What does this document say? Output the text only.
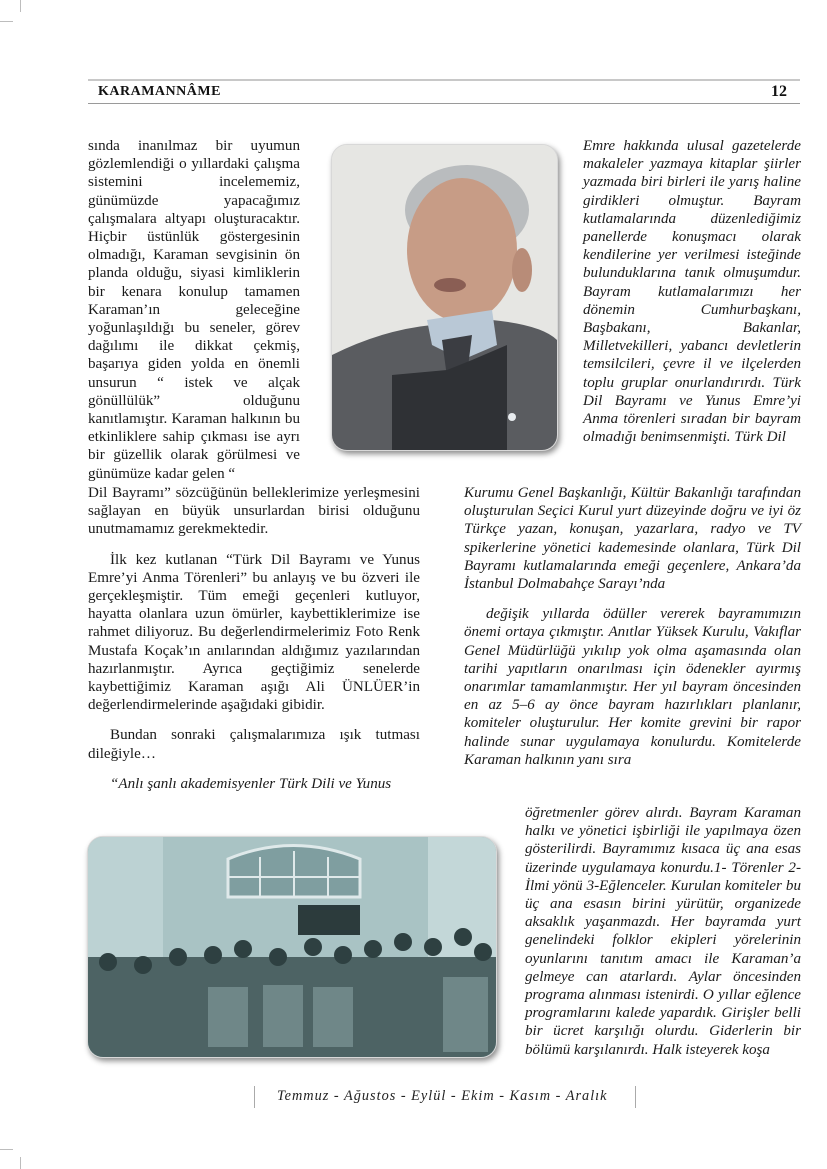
KARAMANNÂME	12

sında inanılmaz bir uyumun gözlemlendiği o yıllardaki çalışma sistemini incelememiz, günümüzde yapacağımız çalışmalara altyapı oluşturacaktır. Hiçbir üstünlük göstergesinin olmadığı, Karaman sevgisinin ön planda olduğu, siyasi kimliklerin bir kenara konulup tamamen Karaman’ın geleceğine yoğunlaşıldığı bu seneler, görev dağılımı ile dikkat çekmiş, başarıya giden yolda en önemli unsurun “ istek ve alçak gönüllülük” olduğunu kanıtlamıştır. Karaman halkının bu etkinliklere sahip çıkması ise ayrı bir güzellik olarak görülmesi ve günümüze kadar gelen “

Dil Bayramı” sözcüğünün belleklerimize yerleşmesini sağlayan en büyük unsurlardan birisi olduğunu unutmamamız gerekmektedir.

İlk kez kutlanan “Türk Dil Bayramı ve Yunus Emre’yi Anma Törenleri” bu anlayış ve bu özveri ile gerçekleşmiştir. Tüm emeği geçenleri kutluyor, hayatta olanlara uzun ömürler, kaybettiklerimize ise rahmet diliyoruz. Bu değerlendirmelerimiz Foto Renk Mustafa Koçak’ın anılarından aldığımız yazılarından hazırlanmıştır. Ayrıca geçtiğimiz senelerde kaybettiğimiz Karaman aşığı Ali ÜNLÜER’in değerlendirmelerinde aşağıdaki gibidir.

Bundan sonraki çalışmalarımıza ışık tutması dileğiyle…

“Anlı şanlı akademisyenler Türk Dili ve Yunus

Emre hakkında ulusal gazetelerde makaleler yazmaya kitaplar şiirler yazmada biri birleri ile yarış haline girdikleri olmuştur. Bayram kutlamalarında düzenlediğimiz panellerde konuşmacı olarak kendilerine yer verilmesi isteğinde bulunduklarına tanık olmuşumdur. Bayram kutlamalarımızı her dönemin Cumhurbaşkanı, Başbakanı, Bakanlar, Milletvekilleri, yabancı devletlerin temsilcileri, çevre il ve ilçelerden toplu gruplar onurlandırırdı. Türk Dil Bayramı ve Yunus Emre’yi Anma törenleri sıradan bir bayram olmadığı benimsenmişti. Türk Dil

Kurumu Genel Başkanlığı, Kültür Bakanlığı tarafından oluşturulan Seçici Kurul yurt düzeyinde doğru ve iyi öz Türkçe yazan, konuşan, yazarlara, radyo ve TV spikerlerine yönetici kademesinde olanlara, Türk Dil Bayramı kutlamalarında emeği geçenlere, Ankara’da İstanbul Dolmabahçe Sarayı’nda

değişik yıllarda ödüller vererek bayramımızın önemi ortaya çıkmıştır. Anıtlar Yüksek Kurulu, Vakıflar Genel Müdürlüğü yıkılıp yok olma aşamasında olan tarihi yapıtların onarılması için ödenekler ayırmış onarımlar tamamlanmıştır. Her yıl bayram öncesinden en az 5–6 ay önce bayram hazırlıkları planlanır, komiteler oluşturulur. Her komite grevini bir rapor halinde sunar uygulamaya konulurdu. Komitelerde Karaman halkının yanı sıra

öğretmenler görev alırdı. Bayram Karaman halkı ve yönetici işbirliği ile yapılmaya özen gösterilirdi. Bayramımız kısaca üç ana esas üzerinde uygulamaya konurdu.1- Törenler 2- İlmi yönü 3-Eğlenceler. Kurulan komiteler bu üç ana esasın birini yürütür, organizede aksaklık yaşanmazdı. Her bayramda yurt genelindeki folklor ekipleri yörelerinin oyunlarını tanıtım amacı ile Karaman’a gelmeye can atarlardı. Aylar öncesinden programa alınması istenirdi. O yıllar eğlence programlarını kalede yapardık. Girişler belli bir ücret karşılığı olurdu. Giderlerin bir bölümü karşılanırdı. Halk isteyerek koşa

Temmuz - Ağustos - Eylül - Ekim - Kasım - Aralık
